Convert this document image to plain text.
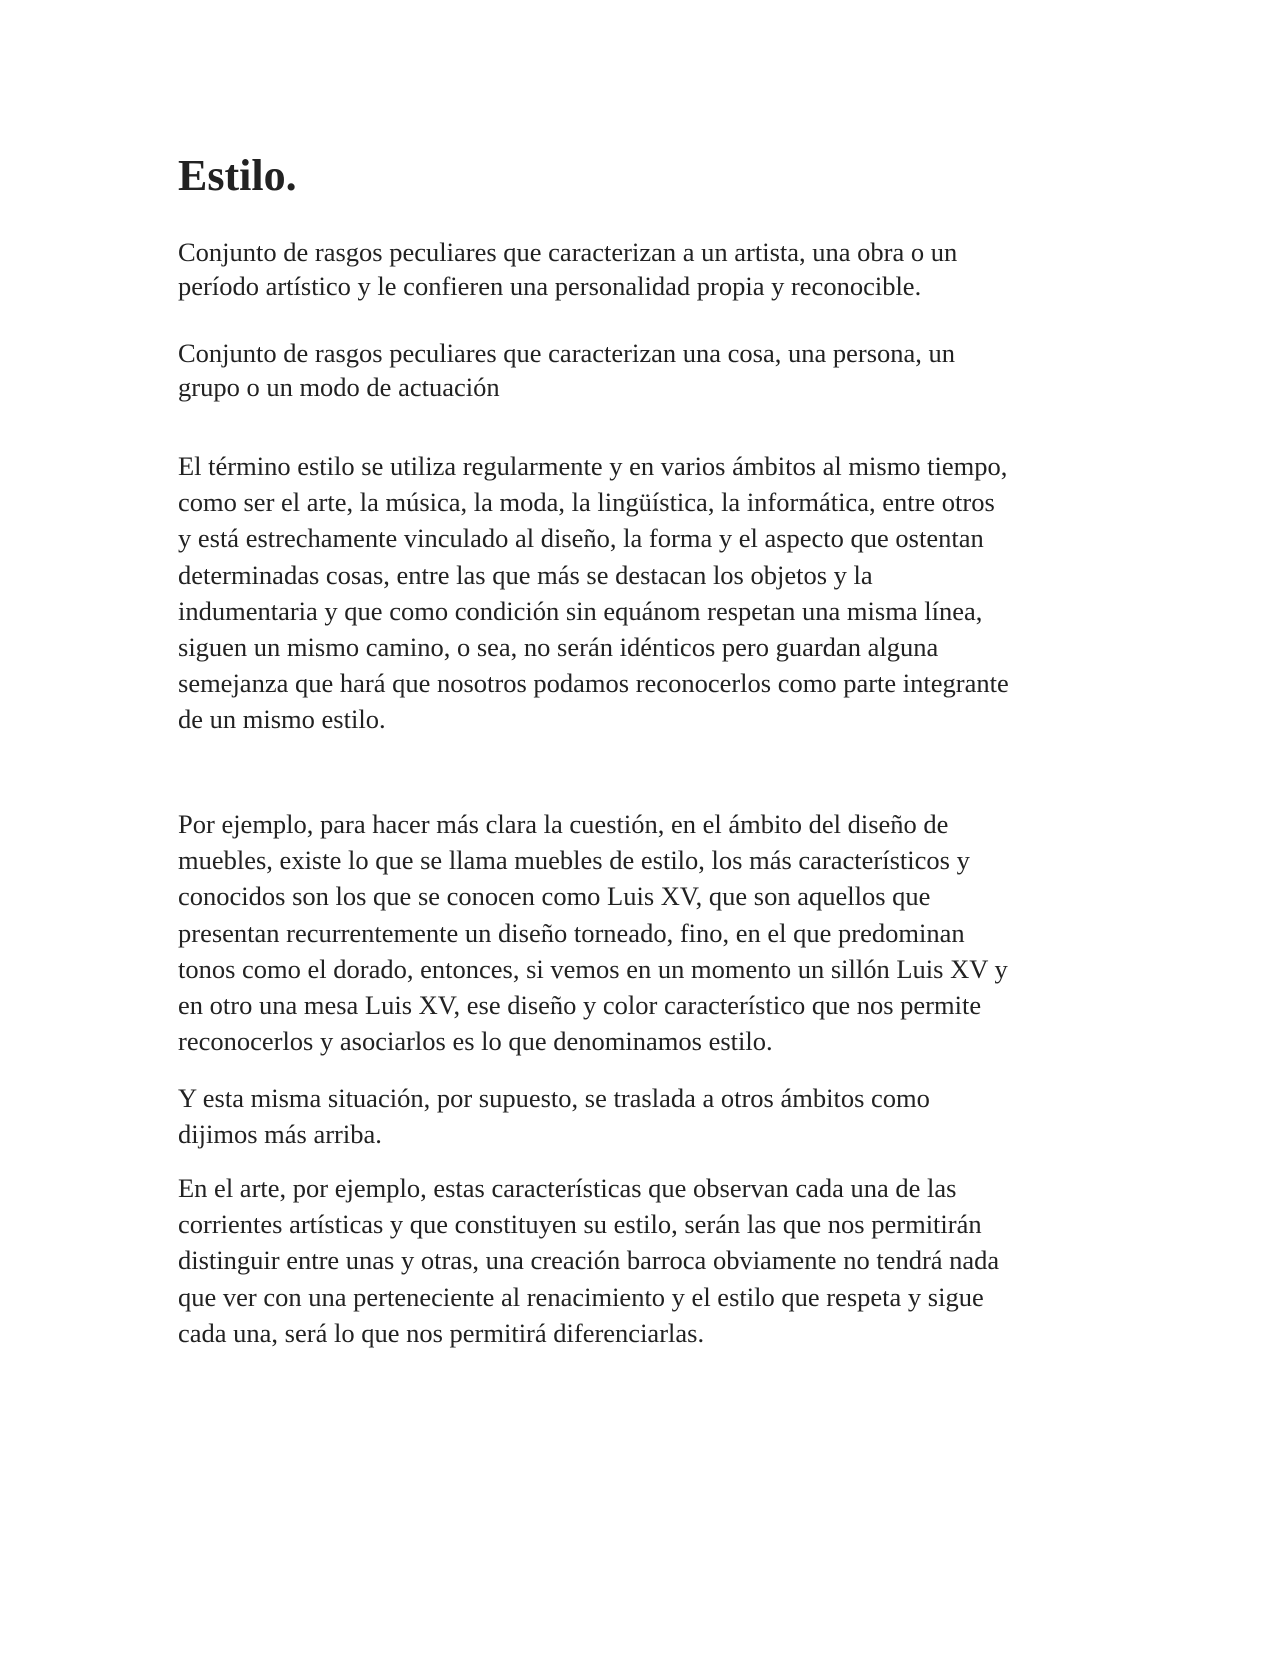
Estilo.

Conjunto de rasgos peculiares que caracterizan a un artista, una obra o un
período artístico y le confieren una personalidad propia y reconocible.

Conjunto de rasgos peculiares que caracterizan una cosa, una persona, un
grupo o un modo de actuación

El término estilo se utiliza regularmente y en varios ámbitos al mismo tiempo,
como ser el arte, la música, la moda, la lingüística, la informática, entre otros
y está estrechamente vinculado al diseño, la forma y el aspecto que ostentan
determinadas cosas, entre las que más se destacan los objetos y la
indumentaria y que como condición sin equánom respetan una misma línea,
siguen un mismo camino, o sea, no serán idénticos pero guardan alguna
semejanza que hará que nosotros podamos reconocerlos como parte integrante
de un mismo estilo.

Por ejemplo, para hacer más clara la cuestión, en el ámbito del diseño de
muebles, existe lo que se llama muebles de estilo, los más característicos y
conocidos son los que se conocen como Luis XV, que son aquellos que
presentan recurrentemente un diseño torneado, fino, en el que predominan
tonos como el dorado, entonces, si vemos en un momento un sillón Luis XV y
en otro una mesa Luis XV, ese diseño y color característico que nos permite
reconocerlos y asociarlos es lo que denominamos estilo.

Y esta misma situación, por supuesto, se traslada a otros ámbitos como
dijimos más arriba.

En el arte, por ejemplo, estas características que observan cada una de las
corrientes artísticas y que constituyen su estilo, serán las que nos permitirán
distinguir entre unas y otras, una creación barroca obviamente no tendrá nada
que ver con una perteneciente al renacimiento y el estilo que respeta y sigue
cada una, será lo que nos permitirá diferenciarlas.
